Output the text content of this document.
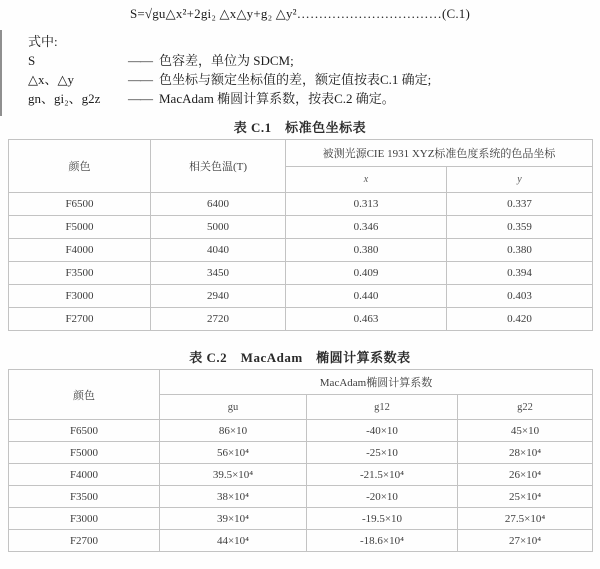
S=√gu△x²+2gi₂ △x△y+g₂ △y²……………………………(C.1)
式中:
S	—— 色容差，单位为 SDCM;
△x、△y	—— 色坐标与额定坐标值的差，额定值按表C.1 确定;
gn、gi₂、g2z	—— MacAdam 椭圆计算系数，按表C.2 确定。
表 C.1　标准色坐标表
颜色	相关色温(T)	被测光源CIE 1931 XYZ标准色度系统的色品坐标	
		x	y
F6500	6400	0.313	0.337
F5000	5000	0.346	0.359
F4000	4040	0.380	0.380
F3500	3450	0.409	0.394
F3000	2940	0.440	0.403
F2700	2720	0.463	0.420
表 C.2　MacAdam　椭圆计算系数表
颜色	MacAdam椭圆计算系数		
	gu	g12	g22
F6500	86×10	-40×10	45×10
F5000	56×10⁴	-25×10	28×10⁴
F4000	39.5×10⁴	-21.5×10⁴	26×10⁴
F3500	38×10⁴	-20×10	25×10⁴
F3000	39×10⁴	-19.5×10	27.5×10⁴
F2700	44×10⁴	-18.6×10⁴	27×10⁴
